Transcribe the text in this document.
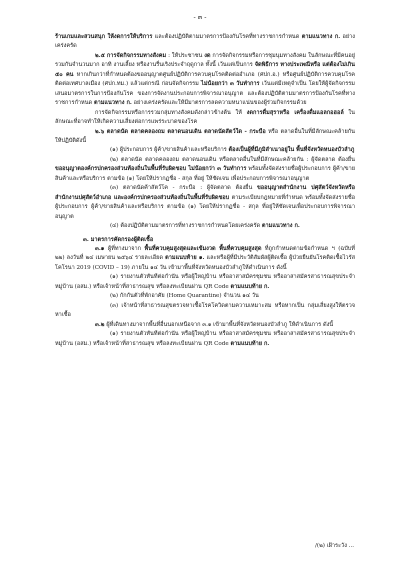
- ๓ -

ร้านเกมและสวนสนุก ให้งดการให้บริการ และต้องปฏิบัติตามมาตรการป้องกันโรคที่ทางราชการกำหนด ตามแนวทาง ก. อย่างเคร่งครัด

๒.๕ การจัดกิจกรรมทางสังคม : ให้ประชาชน งด การจัดกิจกรรมหรือการชุมนุมทางสังคม ในลักษณะที่มีคนอยู่รวมกันจำนวนมาก อาทิ งานเลี้ยง หรืองานรื่นเริงประจำฤดูกาล ทั้งนี้ เว้นแต่เป็นการ จัดพิธีการ ทางประเพณีหรือ แต่ต้องไม่เกิน ๕๐ คน หากเกินกว่าที่กำหนดต้องขออนุญาตศูนย์ปฏิบัติการควบคุมโรคติดต่ออำเภอ (ศปก.อ.) หรือศูนย์ปฏิบัติการควบคุมโรคติดต่อเทศบาลเมือง (ศปก.ทม.) แล้วแต่กรณี ก่อนจัดกิจกรรม ไม่น้อยกว่า ๓ วันทำการ เว้นแต่มีเหตุจำเป็น โดยให้ผู้จัดกิจกรรมเสนอมาตรการในการป้องกันโรค ของการจัดงานประกอบการพิจารณาอนุญาต และต้องปฏิบัติตามมาตรการป้องกันโรคที่ทางราชการกำหนด ตามแนวทาง ก. อย่างเคร่งครัดและให้มีมาตรการลดความหนาแน่นของผู้ร่วมกิจกรรมด้วย

การจัดกิจกรรมหรือการรวมกลุ่มทางสังคมดังกล่าวข้างต้น ให้ งดการดื่มสุราหรือ เครื่องดื่มแอลกอฮอล์ ในลักษณะที่อาจทำให้เกิดความเสี่ยงต่อการแพร่ระบาดของโรค

๒.๖ ตลาดนัด ตลาดคลองถม ตลาดนอนเดิน ตลาดนัดสัตว์ใด - กระบือ หรือ ตลาดอื่นในที่มีลักษณะคล้ายกัน ให้ปฏิบัติดังนี้

(๑) ผู้ประกอบการ ผู้ค้า/ขายสินค้าและหรือบริการ ต้องเป็นผู้ที่มีภูมิลำเนาอยู่ใน พื้นที่จังหวัดหนองบัวลำภู

(๒) ตลาดนัด ตลาดคลองถม ตลาดนอนเดิน หรือตลาดอื่นในที่มีลักษณะคล้ายกัน : ผู้จัดตลาด ต้องยื่น ขออนุญาตองค์กรปกครองส่วนท้องถิ่นในพื้นที่รับผิดชอบ ไม่น้อยกว่า ๓ วันทำการ พร้อมทั้งจัดส่งรายชื่อผู้ประกอบการ ผู้ค้า/ขายสินค้าและหรือบริการ ตามข้อ (๑) โดยให้ปรากฏชื่อ - สกุล ที่อยู่ ให้ชัดเจน เพื่อประกอบการพิจารณาอนุญาต

(๓) ตลาดนัดค้าสัตว์โค - กระบือ : ผู้จัดตลาด ต้องยื่น ขออนุญาตสำนักงาน ปศุสัตว์จังหวัดหรือสำนักงานปศุสัตว์อำเภอ และองค์กรปกครองส่วนท้องถิ่นในพื้นที่รับผิดชอบ ตามระเบียบกฎหมายที่กำหนด พร้อมทั้งจัดส่งรายชื่อผู้ประกอบการ ผู้ค้า/ขายสินค้าและหรือบริการ ตามข้อ (๑) โดยให้ปรากฏชื่อ - สกุล ที่อยู่ให้ชัดเจนเพื่อประกอบการพิจารณาอนุญาต

(๔) ต้องปฏิบัติตามมาตรการที่ทางราชการกำหนดโดยเคร่งครัด ตามแนวทาง ก.

๓. มาตรการคัดกรองผู้ติดเชื้อ

๓.๑ ผู้ที่ทางมาจาก พื้นที่ควบคุมสูงสุดและเข้มงวด พื้นที่ควบคุมสูงสุด ที่ถูกกำหนดตามข้อกำหนด ฯ (ฉบับที่ ๒๒) ลงวันที่ ๒๔ เมษายน ๒๕๖๔ รายละเอียด ตามแนบท้าย ๑. และหรือผู้ที่มีประวัติสัมผัสผู้ติดเชื้อ ผู้ป่วยยืนยันโรคติดเชื้อไวรัสโคโรนา 2019 (COVID – 19) ภายใน ๑๔ วัน เข้ามาพื้นที่จังหวัดหนองบัวลำภูให้ดำเนินการ ดังนี้

(๑) รายงานตัวทันทีต่อกำนัน หรือผู้ใหญ่บ้าน หรืออาสาสมัครชุมชน หรืออาสาสมัครสาธารณสุขประจำหมู่บ้าน (อสม.) หรือเจ้าหน้าที่สาธารณสุข หรือลงทะเบียนผ่าน QR Code ตามแนบท้าย ก.

(๒) กักกันตัวที่พักอาศัย (Home Quarantine) จำนวน ๑๔ วัน

(๓) เจ้าหน้าที่สาธารณสุขตรวจหาเชื้อโรคโควิดตามความเหมาะสม หรือหากเป็น กลุ่มเสี่ยงสูงให้ตรวจหาเชื้อ

๓.๒ ผู้ที่เดินทางมาจากพื้นที่อื่นนอกเหนือจาก ๓.๑ เข้ามาพื้นที่จังหวัดหนองบัวลำภู ให้ดำเนินการ ดังนี้

(๑) รายงานตัวทันทีต่อกำนัน หรือผู้ใหญ่บ้าน หรืออาสาสมัครชุมชน หรืออาสาสมัครสาธารณสุขประจำหมู่บ้าน (อสม.) หรือเจ้าหน้าที่สาธารณสุข หรือลงทะเบียนผ่าน QR Code ตามแนบท้าย ก.

/(๒) เฝ้าระวัง ...
